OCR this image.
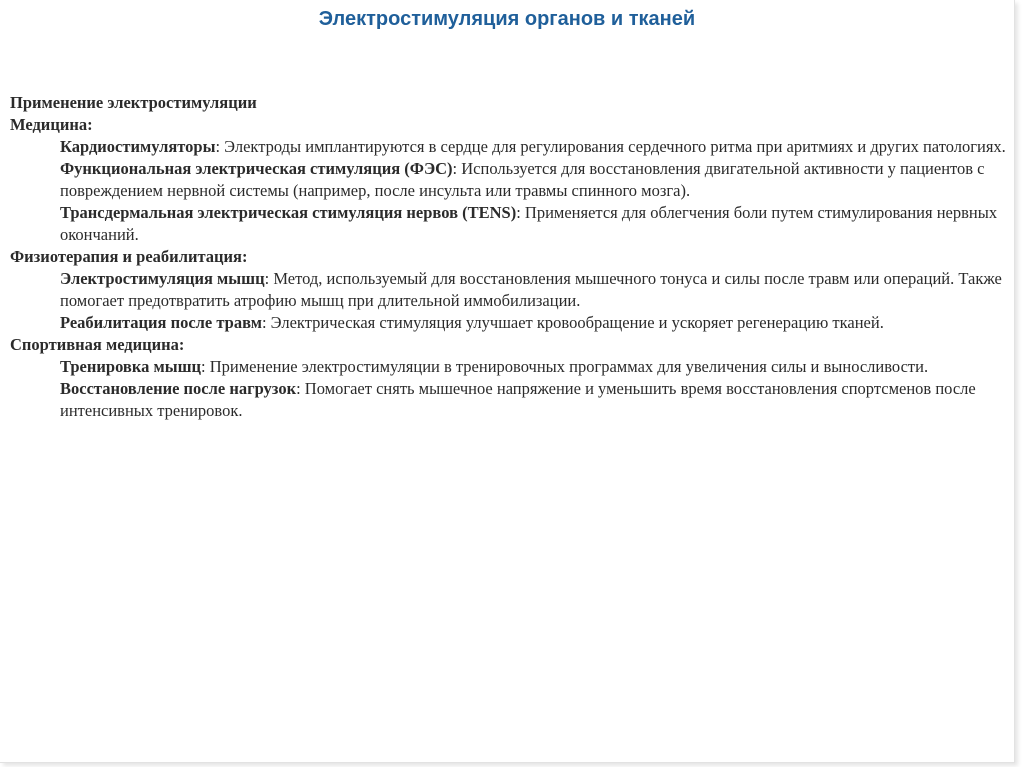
Электростимуляция органов и тканей

Применение электростимуляции

Медицина:

Кардиостимуляторы: Электроды имплантируются в сердце для регулирования сердечного ритма при аритмиях и других патологиях.

Функциональная электрическая стимуляция (ФЭС): Используется для восстановления двигательной активности у пациентов с повреждением нервной системы (например, после инсульта или травмы спинного мозга).

Трансдермальная электрическая стимуляция нервов (TENS): Применяется для облегчения боли путем стимулирования нервных окончаний.

Физиотерапия и реабилитация:

Электростимуляция мышц: Метод, используемый для восстановления мышечного тонуса и силы после травм или операций. Также помогает предотвратить атрофию мышц при длительной иммобилизации.

Реабилитация после травм: Электрическая стимуляция улучшает кровообращение и ускоряет регенерацию тканей.

Спортивная медицина:

Тренировка мышц: Применение электростимуляции в тренировочных программах для увеличения силы и выносливости.

Восстановление после нагрузок: Помогает снять мышечное напряжение и уменьшить время восстановления спортсменов после интенсивных тренировок.
